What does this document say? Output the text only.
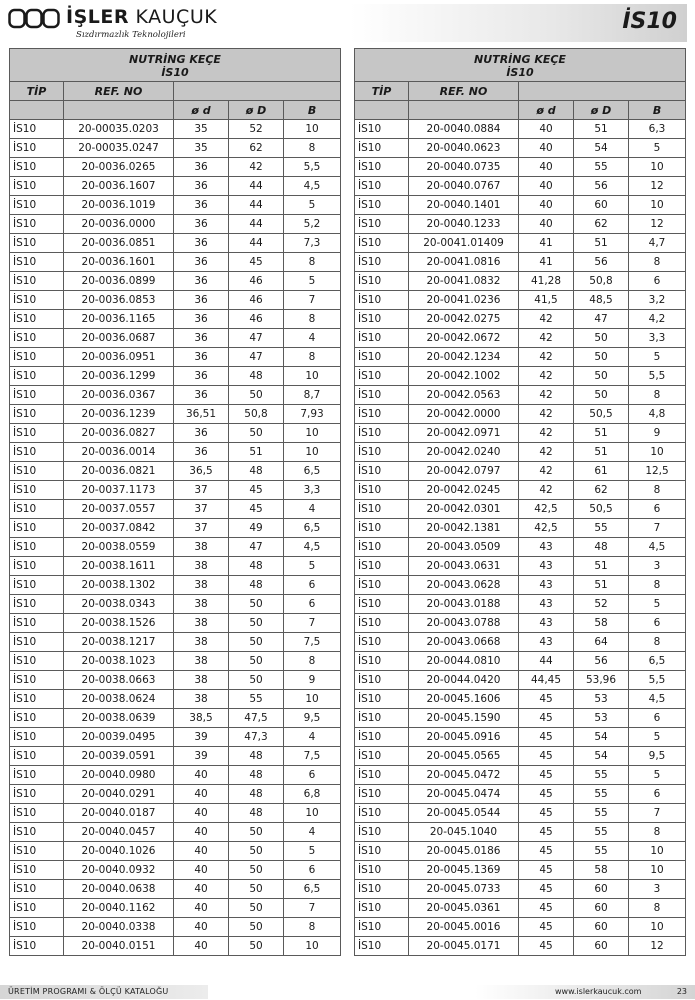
İŞLER KAUÇUK
Sızdırmazlık Teknolojileri
İS10
NUTRİNG KEÇE
İS10				

TİP	REF. NO			
		ø d	ø D	B
İS10	20-00035.0203	35	52	10
İS10	20-00035.0247	35	62	8
İS10	20-0036.0265	36	42	5,5
İS10	20-0036.1607	36	44	4,5
İS10	20-0036.1019	36	44	5
İS10	20-0036.0000	36	44	5,2
İS10	20-0036.0851	36	44	7,3
İS10	20-0036.1601	36	45	8
İS10	20-0036.0899	36	46	5
İS10	20-0036.0853	36	46	7
İS10	20-0036.1165	36	46	8
İS10	20-0036.0687	36	47	4
İS10	20-0036.0951	36	47	8
İS10	20-0036.1299	36	48	10
İS10	20-0036.0367	36	50	8,7
İS10	20-0036.1239	36,51	50,8	7,93
İS10	20-0036.0827	36	50	10
İS10	20-0036.0014	36	51	10
İS10	20-0036.0821	36,5	48	6,5
İS10	20-0037.1173	37	45	3,3
İS10	20-0037.0557	37	45	4
İS10	20-0037.0842	37	49	6,5
İS10	20-0038.0559	38	47	4,5
İS10	20-0038.1611	38	48	5
İS10	20-0038.1302	38	48	6
İS10	20-0038.0343	38	50	6
İS10	20-0038.1526	38	50	7
İS10	20-0038.1217	38	50	7,5
İS10	20-0038.1023	38	50	8
İS10	20-0038.0663	38	50	9
İS10	20-0038.0624	38	55	10
İS10	20-0038.0639	38,5	47,5	9,5
İS10	20-0039.0495	39	47,3	4
İS10	20-0039.0591	39	48	7,5
İS10	20-0040.0980	40	48	6
İS10	20-0040.0291	40	48	6,8
İS10	20-0040.0187	40	48	10
İS10	20-0040.0457	40	50	4
İS10	20-0040.1026	40	50	5
İS10	20-0040.0932	40	50	6
İS10	20-0040.0638	40	50	6,5
İS10	20-0040.1162	40	50	7
İS10	20-0040.0338	40	50	8
İS10	20-0040.0151	40	50	10
NUTRİNG KEÇE
İS10				

TİP	REF. NO			
		ø d	ø D	B
İS10	20-0040.0884	40	51	6,3
İS10	20-0040.0623	40	54	5
İS10	20-0040.0735	40	55	10
İS10	20-0040.0767	40	56	12
İS10	20-0040.1401	40	60	10
İS10	20-0040.1233	40	62	12
İS10	20-0041.01409	41	51	4,7
İS10	20-0041.0816	41	56	8
İS10	20-0041.0832	41,28	50,8	6
İS10	20-0041.0236	41,5	48,5	3,2
İS10	20-0042.0275	42	47	4,2
İS10	20-0042.0672	42	50	3,3
İS10	20-0042.1234	42	50	5
İS10	20-0042.1002	42	50	5,5
İS10	20-0042.0563	42	50	8
İS10	20-0042.0000	42	50,5	4,8
İS10	20-0042.0971	42	51	9
İS10	20-0042.0240	42	51	10
İS10	20-0042.0797	42	61	12,5
İS10	20-0042.0245	42	62	8
İS10	20-0042.0301	42,5	50,5	6
İS10	20-0042.1381	42,5	55	7
İS10	20-0043.0509	43	48	4,5
İS10	20-0043.0631	43	51	3
İS10	20-0043.0628	43	51	8
İS10	20-0043.0188	43	52	5
İS10	20-0043.0788	43	58	6
İS10	20-0043.0668	43	64	8
İS10	20-0044.0810	44	56	6,5
İS10	20-0044.0420	44,45	53,96	5,5
İS10	20-0045.1606	45	53	4,5
İS10	20-0045.1590	45	53	6
İS10	20-0045.0916	45	54	5
İS10	20-0045.0565	45	54	9,5
İS10	20-0045.0472	45	55	5
İS10	20-0045.0474	45	55	6
İS10	20-0045.0544	45	55	7
İS10	20-045.1040	45	55	8
İS10	20-0045.0186	45	55	10
İS10	20-0045.1369	45	58	10
İS10	20-0045.0733	45	60	3
İS10	20-0045.0361	45	60	8
İS10	20-0045.0016	45	60	10
İS10	20-0045.0171	45	60	12
ÜRETİM PROGRAMI & ÖLÇÜ KATALOĞU	www.islerkaucuk.com	23
